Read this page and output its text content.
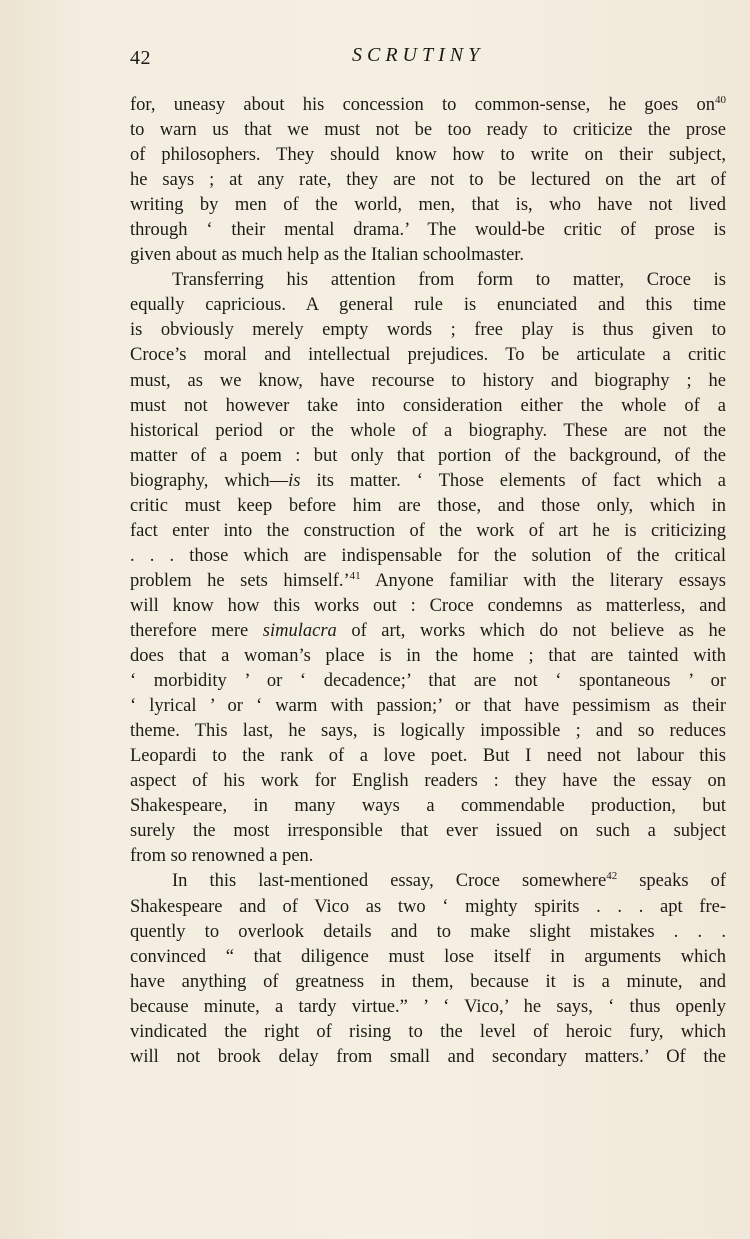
42	SCRUTINY
for, uneasy about his concession to common-sense, he goes $on^{40}$
to warn us that we must not be too ready to criticize the prose
of philosophers. They should know how to write on their subject,
he says ; at any rate, they are not to be lectured on the art of
writing by men of the world, men, that is, who have not lived
through ‘ their mental drama.’ The would-be critic of prose is
given about as much help as the Italian schoolmaster.
Transferring his attention from form to matter, Croce is
equally capricious. A general rule is enunciated and this time
is obviously merely empty words ; free play is thus given to
Croce’s moral and intellectual prejudices. To be articulate a critic
must, as we know, have recourse to history and biography ; he
must not however take into consideration either the whole of a
historical period or the whole of a biography. These are not the
matter of a poem : but only that portion of the background, of the
biography, which—is its matter. ‘ Those elements of fact which a
critic must keep before him are those, and those only, which in
fact enter into the construction of the work of art he is criticizing
. . . those which are indispensable for the solution of the critical
problem he sets himself.’$^{41}$ Anyone familiar with the literary essays
will know how this works out : Croce condemns as matterless, and
therefore mere simulacra of art, works which do not believe as he
does that a woman’s place is in the home ; that are tainted with
‘ morbidity ’ or ‘ decadence;’ that are not ‘ spontaneous ’ or
‘ lyrical ’ or ‘ warm with passion;’ or that have pessimism as their
theme. This last, he says, is logically impossible ; and so reduces
Leopardi to the rank of a love poet. But I need not labour this
aspect of his work for English readers : they have the essay on
Shakespeare, in many ways a commendable production, but
surely the most irresponsible that ever issued on such a subject
from so renowned a pen.
In this last-mentioned essay, Croce somewhere$^{42}$ speaks of
Shakespeare and of Vico as two ‘ mighty spirits . . . apt fre-
quently to overlook details and to make slight mistakes . . .
convinced “ that diligence must lose itself in arguments which
have anything of greatness in them, because it is a minute, and
because minute, a tardy virtue.” ’ ‘ Vico,’ he says, ‘ thus openly
vindicated the right of rising to the level of heroic fury, which
will not brook delay from small and secondary matters.’ Of the
